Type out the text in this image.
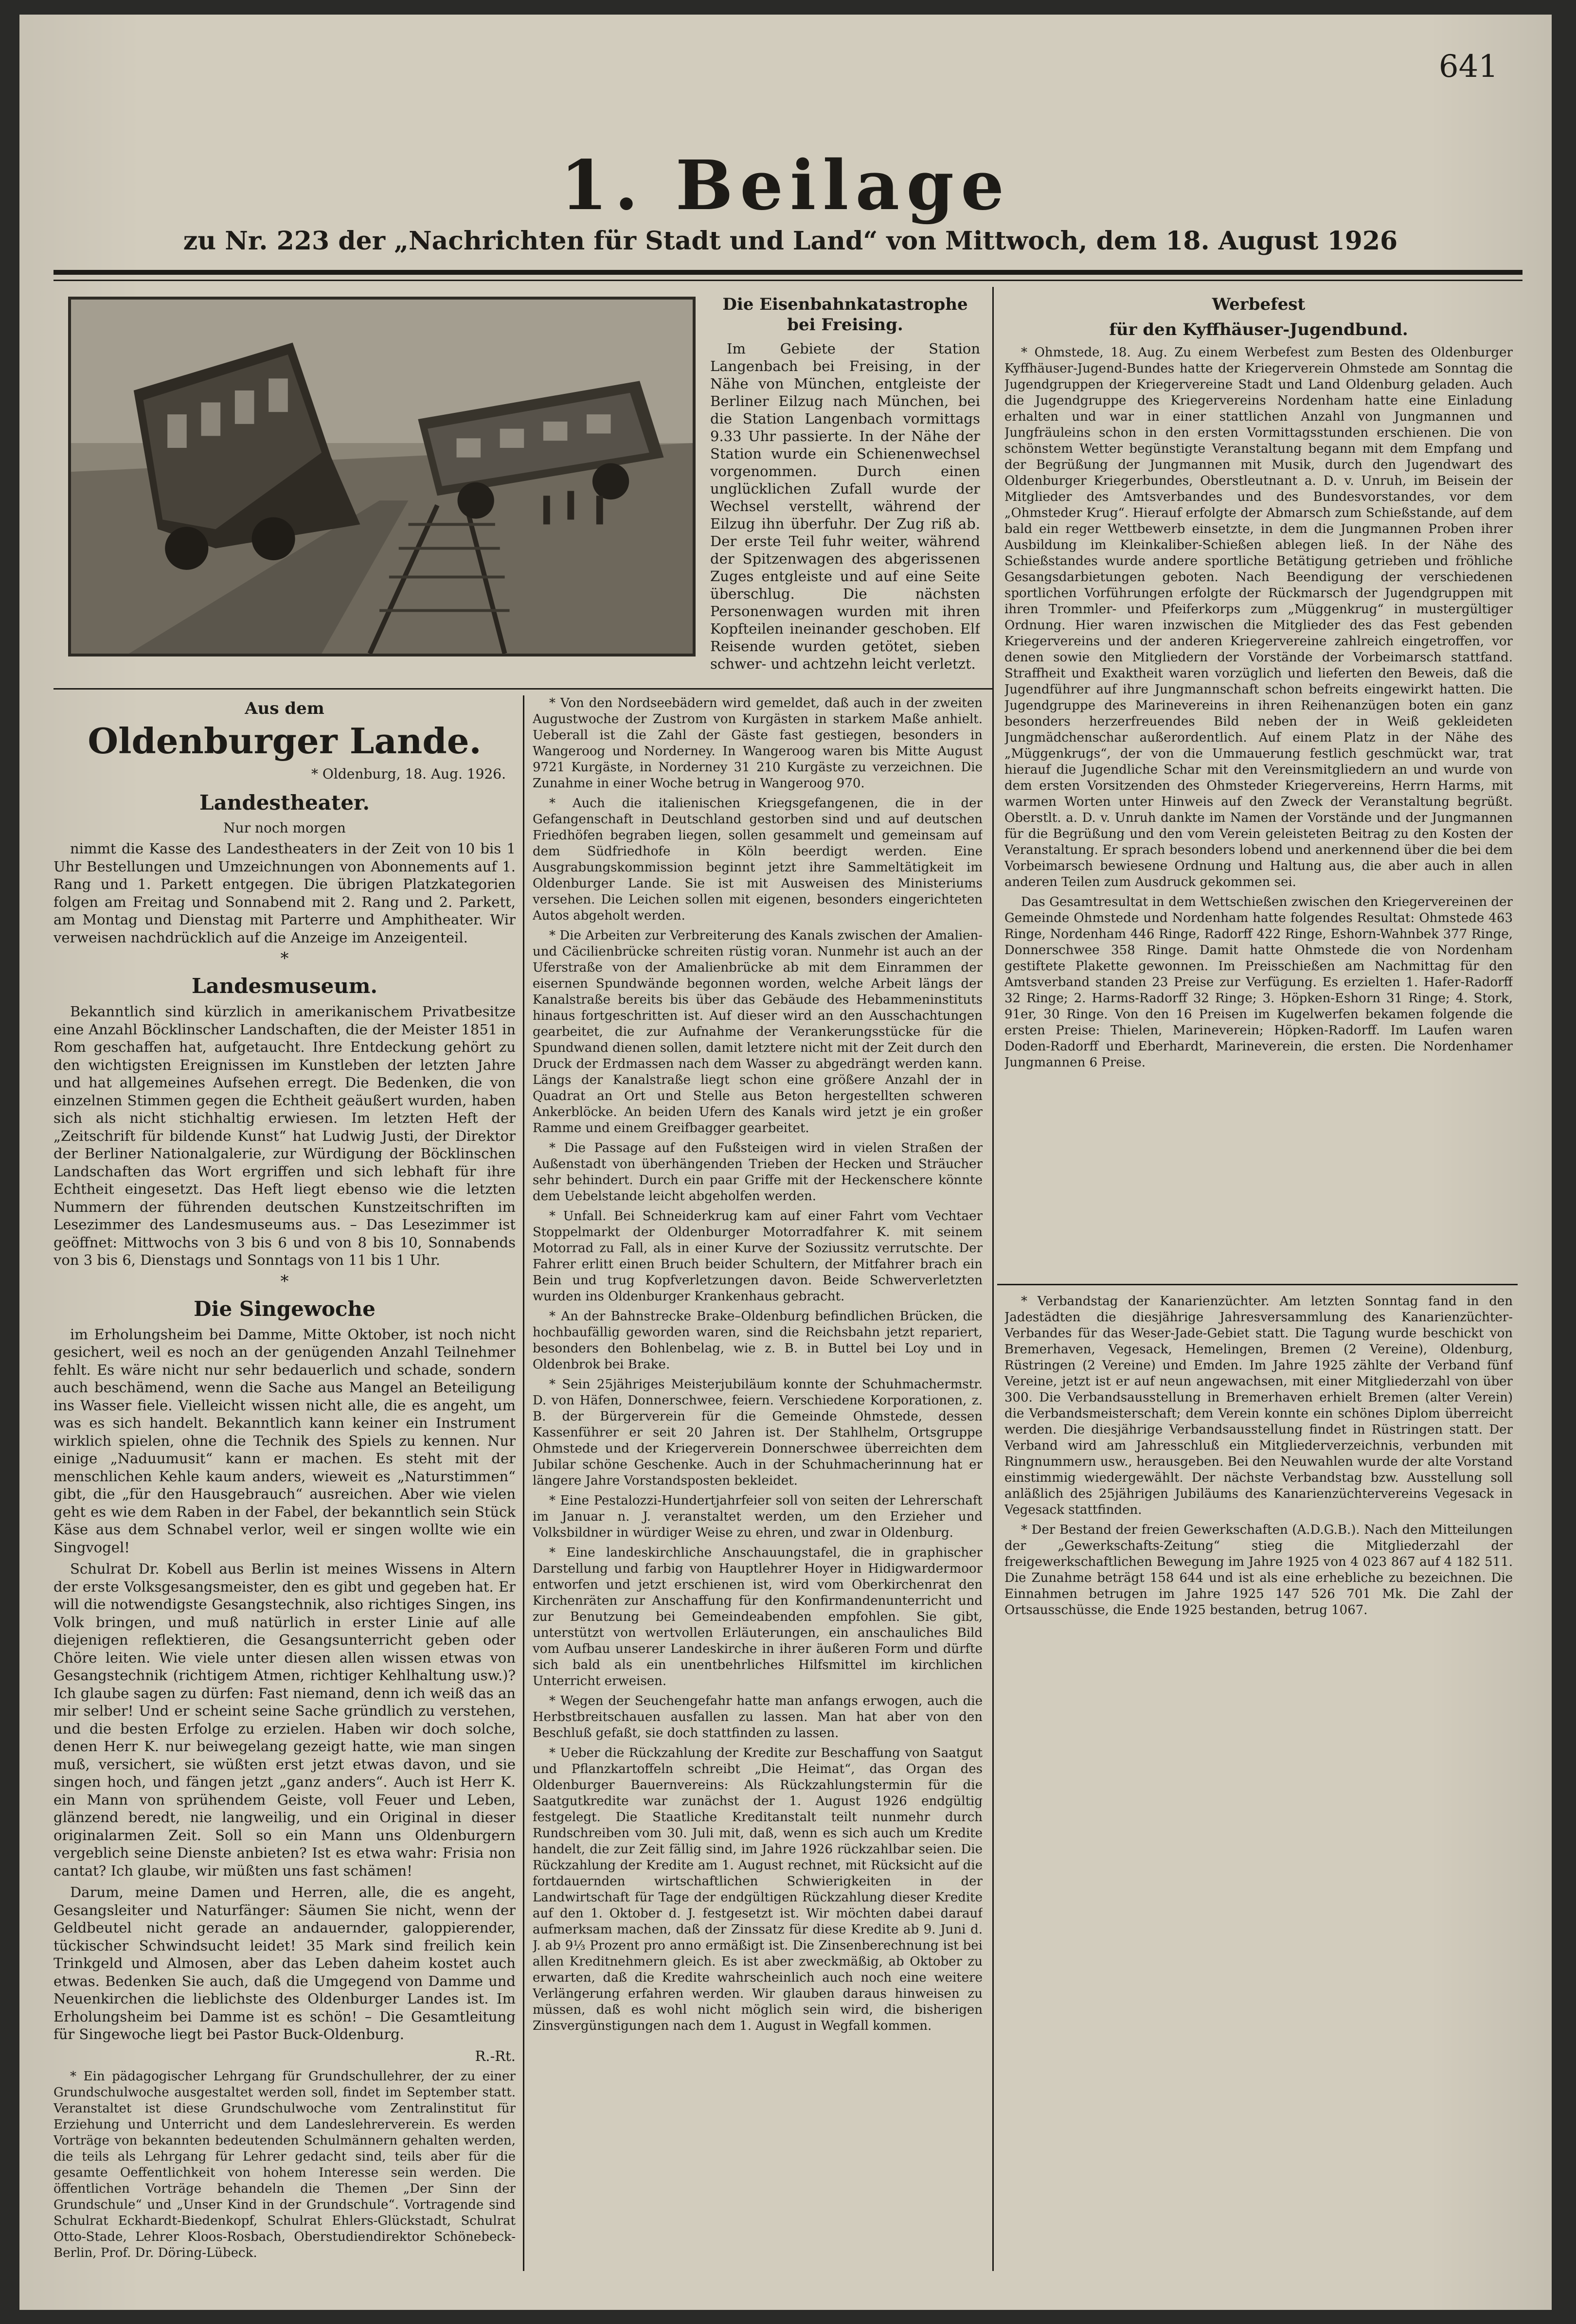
641
1. Beilage
zu Nr. 223 der „Nachrichten für Stadt und Land“ von Mittwoch, dem 18. August 1926
Die Eisenbahnkatastrophe bei Freising.

Im Gebiete der Station Langenbach bei Freising, in der Nähe von München, entgleiste der Berliner Eilzug nach München, bei die Station Langenbach vormittags 9.33 Uhr passierte. In der Nähe der Station wurde ein Schienenwechsel vorgenommen. Durch einen unglücklichen Zufall wurde der Wechsel verstellt, während der Eilzug ihn überfuhr. Der Zug riß ab. Der erste Teil fuhr weiter, während der Spitzenwagen des abgerissenen Zuges entgleiste und auf eine Seite überschlug. Die nächsten Personenwagen wurden mit ihren Kopfteilen ineinander geschoben. Elf Reisende wurden getötet, sieben schwer- und achtzehn leicht verletzt.

Werbefest
für den Kyffhäuser-Jugendbund.

* Ohmstede, 18. Aug. Zu einem Werbefest zum Besten des Oldenburger Kyffhäuser-Jugend-Bundes hatte der Kriegerverein Ohmstede am Sonntag die Jugendgruppen der Kriegervereine Stadt und Land Oldenburg geladen. Auch die Jugendgruppe des Kriegervereins Nordenham hatte eine Einladung erhalten und war in einer stattlichen Anzahl von Jungmannen und Jungfräuleins schon in den ersten Vormittagsstunden erschienen. Die von schönstem Wetter begünstigte Veranstaltung begann mit dem Empfang und der Begrüßung der Jungmannen mit Musik, durch den Jugendwart des Oldenburger Kriegerbundes, Oberstleutnant a. D. v. Unruh, im Beisein der Mitglieder des Amtsverbandes und des Bundesvorstandes, vor dem „Ohmsteder Krug“. Hierauf erfolgte der Abmarsch zum Schießstande, auf dem bald ein reger Wettbewerb einsetzte, in dem die Jungmannen Proben ihrer Ausbildung im Kleinkaliber-Schießen ablegen ließ. In der Nähe des Schießstandes wurde andere sportliche Betätigung getrieben und fröhliche Gesangsdarbietungen geboten. Nach Beendigung der verschiedenen sportlichen Vorführungen erfolgte der Rückmarsch der Jugendgruppen mit ihren Trommler- und Pfeiferkorps zum „Müggenkrug“ in mustergültiger Ordnung. Hier waren inzwischen die Mitglieder des das Fest gebenden Kriegervereins und der anderen Kriegervereine zahlreich eingetroffen, vor denen sowie den Mitgliedern der Vorstände der Vorbeimarsch stattfand. Straffheit und Exaktheit waren vorzüglich und lieferten den Beweis, daß die Jugendführer auf ihre Jungmannschaft schon befreits eingewirkt hatten. Die Jugendgruppe des Marinevereins in ihren Reihenanzügen boten ein ganz besonders herzerfreuendes Bild neben der in Weiß gekleideten Jungmädchenschar außerordentlich. Auf einem Platz in der Nähe des „Müggenkrugs“, der von die Ummauerung festlich geschmückt war, trat hierauf die Jugendliche Schar mit den Vereinsmitgliedern an und wurde von dem ersten Vorsitzenden des Ohmsteder Kriegervereins, Herrn Harms, mit warmen Worten unter Hinweis auf den Zweck der Veranstaltung begrüßt. Oberstlt. a. D. v. Unruh dankte im Namen der Vorstände und der Jungmannen für die Begrüßung und den vom Verein geleisteten Beitrag zu den Kosten der Veranstaltung. Er sprach besonders lobend und anerkennend über die bei dem Vorbeimarsch bewiesene Ordnung und Haltung aus, die aber auch in allen anderen Teilen zum Ausdruck gekommen sei.

Das Gesamtresultat in dem Wettschießen zwischen den Kriegervereinen der Gemeinde Ohmstede und Nordenham hatte folgendes Resultat: Ohmstede 463 Ringe, Nordenham 446 Ringe, Radorff 422 Ringe, Eshorn-Wahnbek 377 Ringe, Donnerschwee 358 Ringe. Damit hatte Ohmstede die von Nordenham gestiftete Plakette gewonnen. Im Preisschießen am Nachmittag für den Amtsverband standen 23 Preise zur Verfügung. Es erzielten 1. Hafer-Radorff 32 Ringe; 2. Harms-Radorff 32 Ringe; 3. Höpken-Eshorn 31 Ringe; 4. Stork, 91er, 30 Ringe. Von den 16 Preisen im Kugelwerfen bekamen folgende die ersten Preise: Thielen, Marineverein; Höpken-Radorff. Im Laufen waren Doden-Radorff und Eberhardt, Marineverein, die ersten. Die Nordenhamer Jungmannen 6 Preise.

* Verbandstag der Kanarienzüchter. Am letzten Sonntag fand in den Jadestädten die diesjährige Jahresversammlung des Kanarienzüchter-Verbandes für das Weser-Jade-Gebiet statt. Die Tagung wurde beschickt von Bremerhaven, Vegesack, Hemelingen, Bremen (2 Vereine), Oldenburg, Rüstringen (2 Vereine) und Emden. Im Jahre 1925 zählte der Verband fünf Vereine, jetzt ist er auf neun angewachsen, mit einer Mitgliederzahl von über 300. Die Verbandsausstellung in Bremerhaven erhielt Bremen (alter Verein) die Verbandsmeisterschaft; dem Verein konnte ein schönes Diplom überreicht werden. Die diesjährige Verbandsausstellung findet in Rüstringen statt. Der Verband wird am Jahresschluß ein Mitgliederverzeichnis, verbunden mit Ringnummern usw., herausgeben. Bei den Neuwahlen wurde der alte Vorstand einstimmig wiedergewählt. Der nächste Verbandstag bzw. Ausstellung soll anläßlich des 25jährigen Jubiläums des Kanarienzüchtervereins Vegesack in Vegesack stattfinden.

* Der Bestand der freien Gewerkschaften (A.D.G.B.). Nach den Mitteilungen der „Gewerkschafts-Zeitung“ stieg die Mitgliederzahl der freigewerkschaftlichen Bewegung im Jahre 1925 von 4 023 867 auf 4 182 511. Die Zunahme beträgt 158 644 und ist als eine erhebliche zu bezeichnen. Die Einnahmen betrugen im Jahre 1925 147 526 701 Mk. Die Zahl der Ortsausschüsse, die Ende 1925 bestanden, betrug 1067.

Aus dem
Oldenburger Lande.
* Oldenburg, 18. Aug. 1926.
Landestheater.
Nur noch morgen

nimmt die Kasse des Landestheaters in der Zeit von 10 bis 1 Uhr Bestellungen und Umzeichnungen von Abonnements auf 1. Rang und 1. Parkett entgegen. Die übrigen Platzkategorien folgen am Freitag und Sonnabend mit 2. Rang und 2. Parkett, am Montag und Dienstag mit Parterre und Amphitheater. Wir verweisen nachdrücklich auf die Anzeige im Anzeigenteil.

*
Landesmuseum.

Bekanntlich sind kürzlich in amerikanischem Privatbesitze eine Anzahl Böcklinscher Landschaften, die der Meister 1851 in Rom geschaffen hat, aufgetaucht. Ihre Entdeckung gehört zu den wichtigsten Ereignissen im Kunstleben der letzten Jahre und hat allgemeines Aufsehen erregt. Die Bedenken, die von einzelnen Stimmen gegen die Echtheit geäußert wurden, haben sich als nicht stichhaltig erwiesen. Im letzten Heft der „Zeitschrift für bildende Kunst“ hat Ludwig Justi, der Direktor der Berliner Nationalgalerie, zur Würdigung der Böcklinschen Landschaften das Wort ergriffen und sich lebhaft für ihre Echtheit eingesetzt. Das Heft liegt ebenso wie die letzten Nummern der führenden deutschen Kunstzeitschriften im Lesezimmer des Landesmuseums aus. – Das Lesezimmer ist geöffnet: Mittwochs von 3 bis 6 und von 8 bis 10, Sonnabends von 3 bis 6, Dienstags und Sonntags von 11 bis 1 Uhr.

*
Die Singewoche

im Erholungsheim bei Damme, Mitte Oktober, ist noch nicht gesichert, weil es noch an der genügenden Anzahl Teilnehmer fehlt. Es wäre nicht nur sehr bedauerlich und schade, sondern auch beschämend, wenn die Sache aus Mangel an Beteiligung ins Wasser fiele. Vielleicht wissen nicht alle, die es angeht, um was es sich handelt. Bekanntlich kann keiner ein Instrument wirklich spielen, ohne die Technik des Spiels zu kennen. Nur einige „Naduumusit“ kann er machen. Es steht mit der menschlichen Kehle kaum anders, wieweit es „Naturstimmen“ gibt, die „für den Hausgebrauch“ ausreichen. Aber wie vielen geht es wie dem Raben in der Fabel, der bekanntlich sein Stück Käse aus dem Schnabel verlor, weil er singen wollte wie ein Singvogel!

Schulrat Dr. Kobell aus Berlin ist meines Wissens in Altern der erste Volksgesangsmeister, den es gibt und gegeben hat. Er will die notwendigste Gesangstechnik, also richtiges Singen, ins Volk bringen, und muß natürlich in erster Linie auf alle diejenigen reflektieren, die Gesangsunterricht geben oder Chöre leiten. Wie viele unter diesen allen wissen etwas von Gesangstechnik (richtigem Atmen, richtiger Kehlhaltung usw.)? Ich glaube sagen zu dürfen: Fast niemand, denn ich weiß das an mir selber! Und er scheint seine Sache gründlich zu verstehen, und die besten Erfolge zu erzielen. Haben wir doch solche, denen Herr K. nur beiwegelang gezeigt hatte, wie man singen muß, versichert, sie wüßten erst jetzt etwas davon, und sie singen hoch, und fängen jetzt „ganz anders“. Auch ist Herr K. ein Mann von sprühendem Geiste, voll Feuer und Leben, glänzend beredt, nie langweilig, und ein Original in dieser originalarmen Zeit. Soll so ein Mann uns Oldenburgern vergeblich seine Dienste anbieten? Ist es etwa wahr: Frisia non cantat? Ich glaube, wir müßten uns fast schämen!

Darum, meine Damen und Herren, alle, die es angeht, Gesangsleiter und Naturfänger: Säumen Sie nicht, wenn der Geldbeutel nicht gerade an andauernder, galoppierender, tückischer Schwindsucht leidet! 35 Mark sind freilich kein Trinkgeld und Almosen, aber das Leben daheim kostet auch etwas. Bedenken Sie auch, daß die Umgegend von Damme und Neuenkirchen die lieblichste des Oldenburger Landes ist. Im Erholungsheim bei Damme ist es schön! – Die Gesamtleitung für Singewoche liegt bei Pastor Buck-Oldenburg.

R.-Rt.

* Ein pädagogischer Lehrgang für Grundschullehrer, der zu einer Grundschulwoche ausgestaltet werden soll, findet im September statt. Veranstaltet ist diese Grundschulwoche vom Zentralinstitut für Erziehung und Unterricht und dem Landeslehrerverein. Es werden Vorträge von bekannten bedeutenden Schulmännern gehalten werden, die teils als Lehrgang für Lehrer gedacht sind, teils aber für die gesamte Oeffentlichkeit von hohem Interesse sein werden. Die öffentlichen Vorträge behandeln die Themen „Der Sinn der Grundschule“ und „Unser Kind in der Grundschule“. Vortragende sind Schulrat Eckhardt-Biedenkopf, Schulrat Ehlers-Glückstadt, Schulrat Otto-Stade, Lehrer Kloos-Rosbach, Oberstudiendirektor Schönebeck-Berlin, Prof. Dr. Döring-Lübeck.

* Von den Nordseebädern wird gemeldet, daß auch in der zweiten Augustwoche der Zustrom von Kurgästen in starkem Maße anhielt. Ueberall ist die Zahl der Gäste fast gestiegen, besonders in Wangeroog und Norderney. In Wangeroog waren bis Mitte August 9721 Kurgäste, in Norderney 31 210 Kurgäste zu verzeichnen. Die Zunahme in einer Woche betrug in Wangeroog 970.

* Auch die italienischen Kriegsgefangenen, die in der Gefangenschaft in Deutschland gestorben sind und auf deutschen Friedhöfen begraben liegen, sollen gesammelt und gemeinsam auf dem Südfriedhofe in Köln beerdigt werden. Eine Ausgrabungskommission beginnt jetzt ihre Sammeltätigkeit im Oldenburger Lande. Sie ist mit Ausweisen des Ministeriums versehen. Die Leichen sollen mit eigenen, besonders eingerichteten Autos abgeholt werden.

* Die Arbeiten zur Verbreiterung des Kanals zwischen der Amalien- und Cäcilienbrücke schreiten rüstig voran. Nunmehr ist auch an der Uferstraße von der Amalienbrücke ab mit dem Einrammen der eisernen Spundwände begonnen worden, welche Arbeit längs der Kanalstraße bereits bis über das Gebäude des Hebammeninstituts hinaus fortgeschritten ist. Auf dieser wird an den Ausschachtungen gearbeitet, die zur Aufnahme der Verankerungsstücke für die Spundwand dienen sollen, damit letztere nicht mit der Zeit durch den Druck der Erdmassen nach dem Wasser zu abgedrängt werden kann. Längs der Kanalstraße liegt schon eine größere Anzahl der in Quadrat an Ort und Stelle aus Beton hergestellten schweren Ankerblöcke. An beiden Ufern des Kanals wird jetzt je ein großer Ramme und einem Greifbagger gearbeitet.

* Die Passage auf den Fußsteigen wird in vielen Straßen der Außenstadt von überhängenden Trieben der Hecken und Sträucher sehr behindert. Durch ein paar Griffe mit der Heckenschere könnte dem Uebelstande leicht abgeholfen werden.

* Unfall. Bei Schneiderkrug kam auf einer Fahrt vom Vechtaer Stoppelmarkt der Oldenburger Motorradfahrer K. mit seinem Motorrad zu Fall, als in einer Kurve der Soziussitz verrutschte. Der Fahrer erlitt einen Bruch beider Schultern, der Mitfahrer brach ein Bein und trug Kopfverletzungen davon. Beide Schwerverletzten wurden ins Oldenburger Krankenhaus gebracht.

* An der Bahnstrecke Brake–Oldenburg befindlichen Brücken, die hochbaufällig geworden waren, sind die Reichsbahn jetzt repariert, besonders den Bohlenbelag, wie z. B. in Buttel bei Loy und in Oldenbrok bei Brake.

* Sein 25jähriges Meisterjubiläum konnte der Schuhmachermstr. D. von Häfen, Donnerschwee, feiern. Verschiedene Korporationen, z. B. der Bürgerverein für die Gemeinde Ohmstede, dessen Kassenführer er seit 20 Jahren ist. Der Stahlhelm, Ortsgruppe Ohmstede und der Kriegerverein Donnerschwee überreichten dem Jubilar schöne Geschenke. Auch in der Schuhmacherinnung hat er längere Jahre Vorstandsposten bekleidet.

* Eine Pestalozzi-Hundertjahrfeier soll von seiten der Lehrerschaft im Januar n. J. veranstaltet werden, um den Erzieher und Volksbildner in würdiger Weise zu ehren, und zwar in Oldenburg.

* Eine landeskirchliche Anschauungstafel, die in graphischer Darstellung und farbig von Hauptlehrer Hoyer in Hidigwardermoor entworfen und jetzt erschienen ist, wird vom Oberkirchenrat den Kirchenräten zur Anschaffung für den Konfirmandenunterricht und zur Benutzung bei Gemeindeabenden empfohlen. Sie gibt, unterstützt von wertvollen Erläuterungen, ein anschauliches Bild vom Aufbau unserer Landeskirche in ihrer äußeren Form und dürfte sich bald als ein unentbehrliches Hilfsmittel im kirchlichen Unterricht erweisen.

* Wegen der Seuchengefahr hatte man anfangs erwogen, auch die Herbstbreitschauen ausfallen zu lassen. Man hat aber von den Beschluß gefaßt, sie doch stattfinden zu lassen.

* Ueber die Rückzahlung der Kredite zur Beschaffung von Saatgut und Pflanzkartoffeln schreibt „Die Heimat“, das Organ des Oldenburger Bauernvereins: Als Rückzahlungstermin für die Saatgutkredite war zunächst der 1. August 1926 endgültig festgelegt. Die Staatliche Kreditanstalt teilt nunmehr durch Rundschreiben vom 30. Juli mit, daß, wenn es sich auch um Kredite handelt, die zur Zeit fällig sind, im Jahre 1926 rückzahlbar seien. Die Rückzahlung der Kredite am 1. August rechnet, mit Rücksicht auf die fortdauernden wirtschaftlichen Schwierigkeiten in der Landwirtschaft für Tage der endgültigen Rückzahlung dieser Kredite auf den 1. Oktober d. J. festgesetzt ist. Wir möchten dabei darauf aufmerksam machen, daß der Zinssatz für diese Kredite ab 9. Juni d. J. ab 9⅓ Prozent pro anno ermäßigt ist. Die Zinsenberechnung ist bei allen Kreditnehmern gleich. Es ist aber zweckmäßig, ab Oktober zu erwarten, daß die Kredite wahrscheinlich auch noch eine weitere Verlängerung erfahren werden. Wir glauben daraus hinweisen zu müssen, daß es wohl nicht möglich sein wird, die bisherigen Zinsvergünstigungen nach dem 1. August in Wegfall kommen.
